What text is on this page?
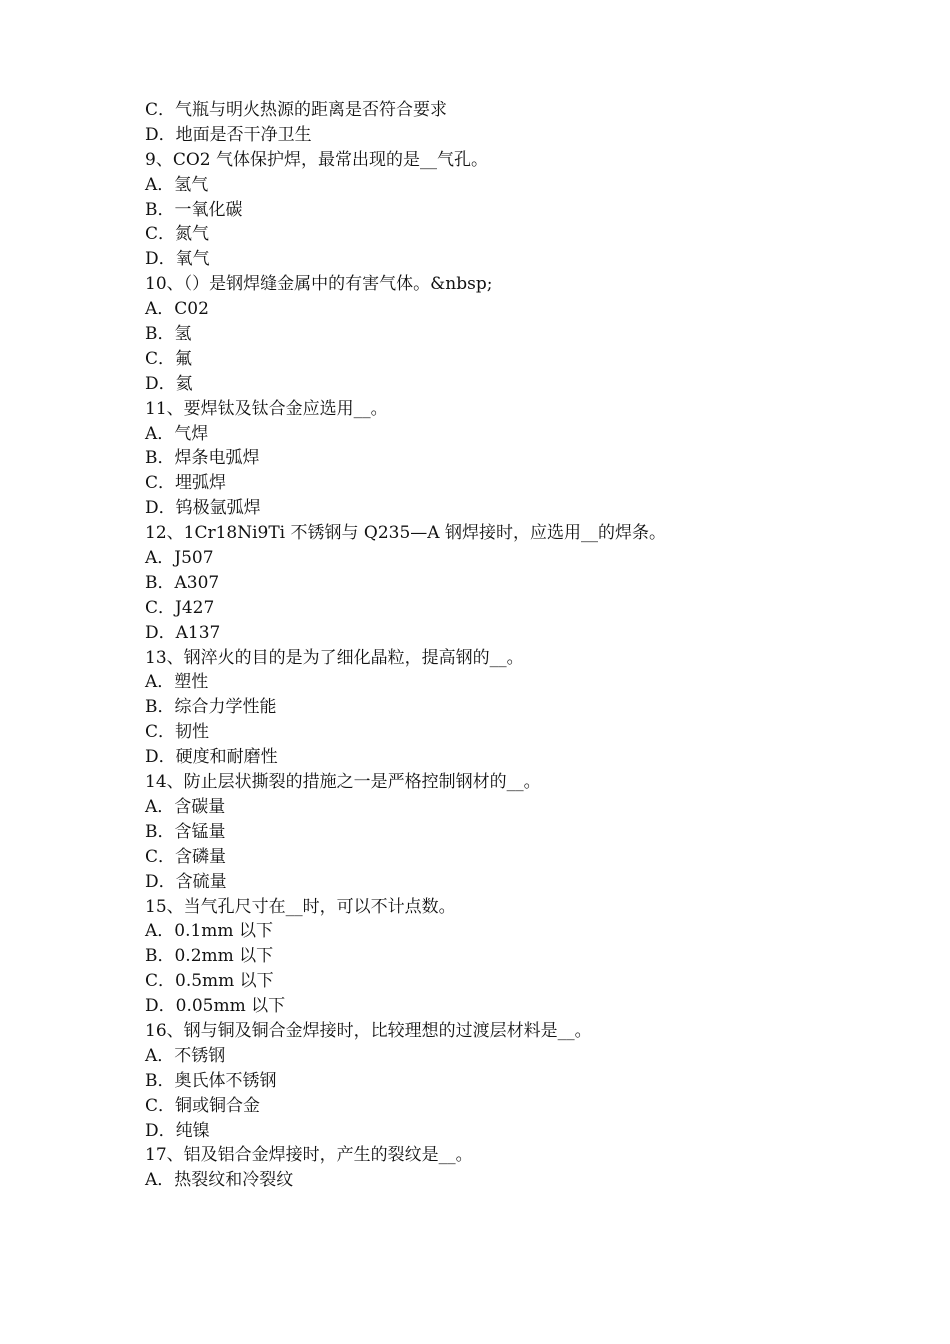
C．气瓶与明火热源的距离是否符合要求

D．地面是否干净卫生

9、CO2 气体保护焊，最常出现的是__气孔。

A．氢气

B．一氧化碳

C．氮气

D．氧气

10、（）是钢焊缝金属中的有害气体。&nbsp;

A．C02

B．氢

C．氟

D．氦

11、要焊钛及钛合金应选用__。

A．气焊

B．焊条电弧焊

C．埋弧焊

D．钨极氩弧焊

12、1Cr18Ni9Ti 不锈钢与 Q235—A 钢焊接时，应选用__的焊条。

A．J507

B．A307

C．J427

D．A137

13、钢淬火的目的是为了细化晶粒，提高钢的__。

A．塑性

B．综合力学性能

C．韧性

D．硬度和耐磨性

14、防止层状撕裂的措施之一是严格控制钢材的__。

A．含碳量

B．含锰量

C．含磷量

D．含硫量

15、当气孔尺寸在__时，可以不计点数。

A．0.1mm 以下

B．0.2mm 以下

C．0.5mm 以下

D．0.05mm 以下

16、钢与铜及铜合金焊接时，比较理想的过渡层材料是__。

A．不锈钢

B．奥氏体不锈钢

C．铜或铜合金

D．纯镍

17、铝及铝合金焊接时，产生的裂纹是__。

A．热裂纹和冷裂纹
